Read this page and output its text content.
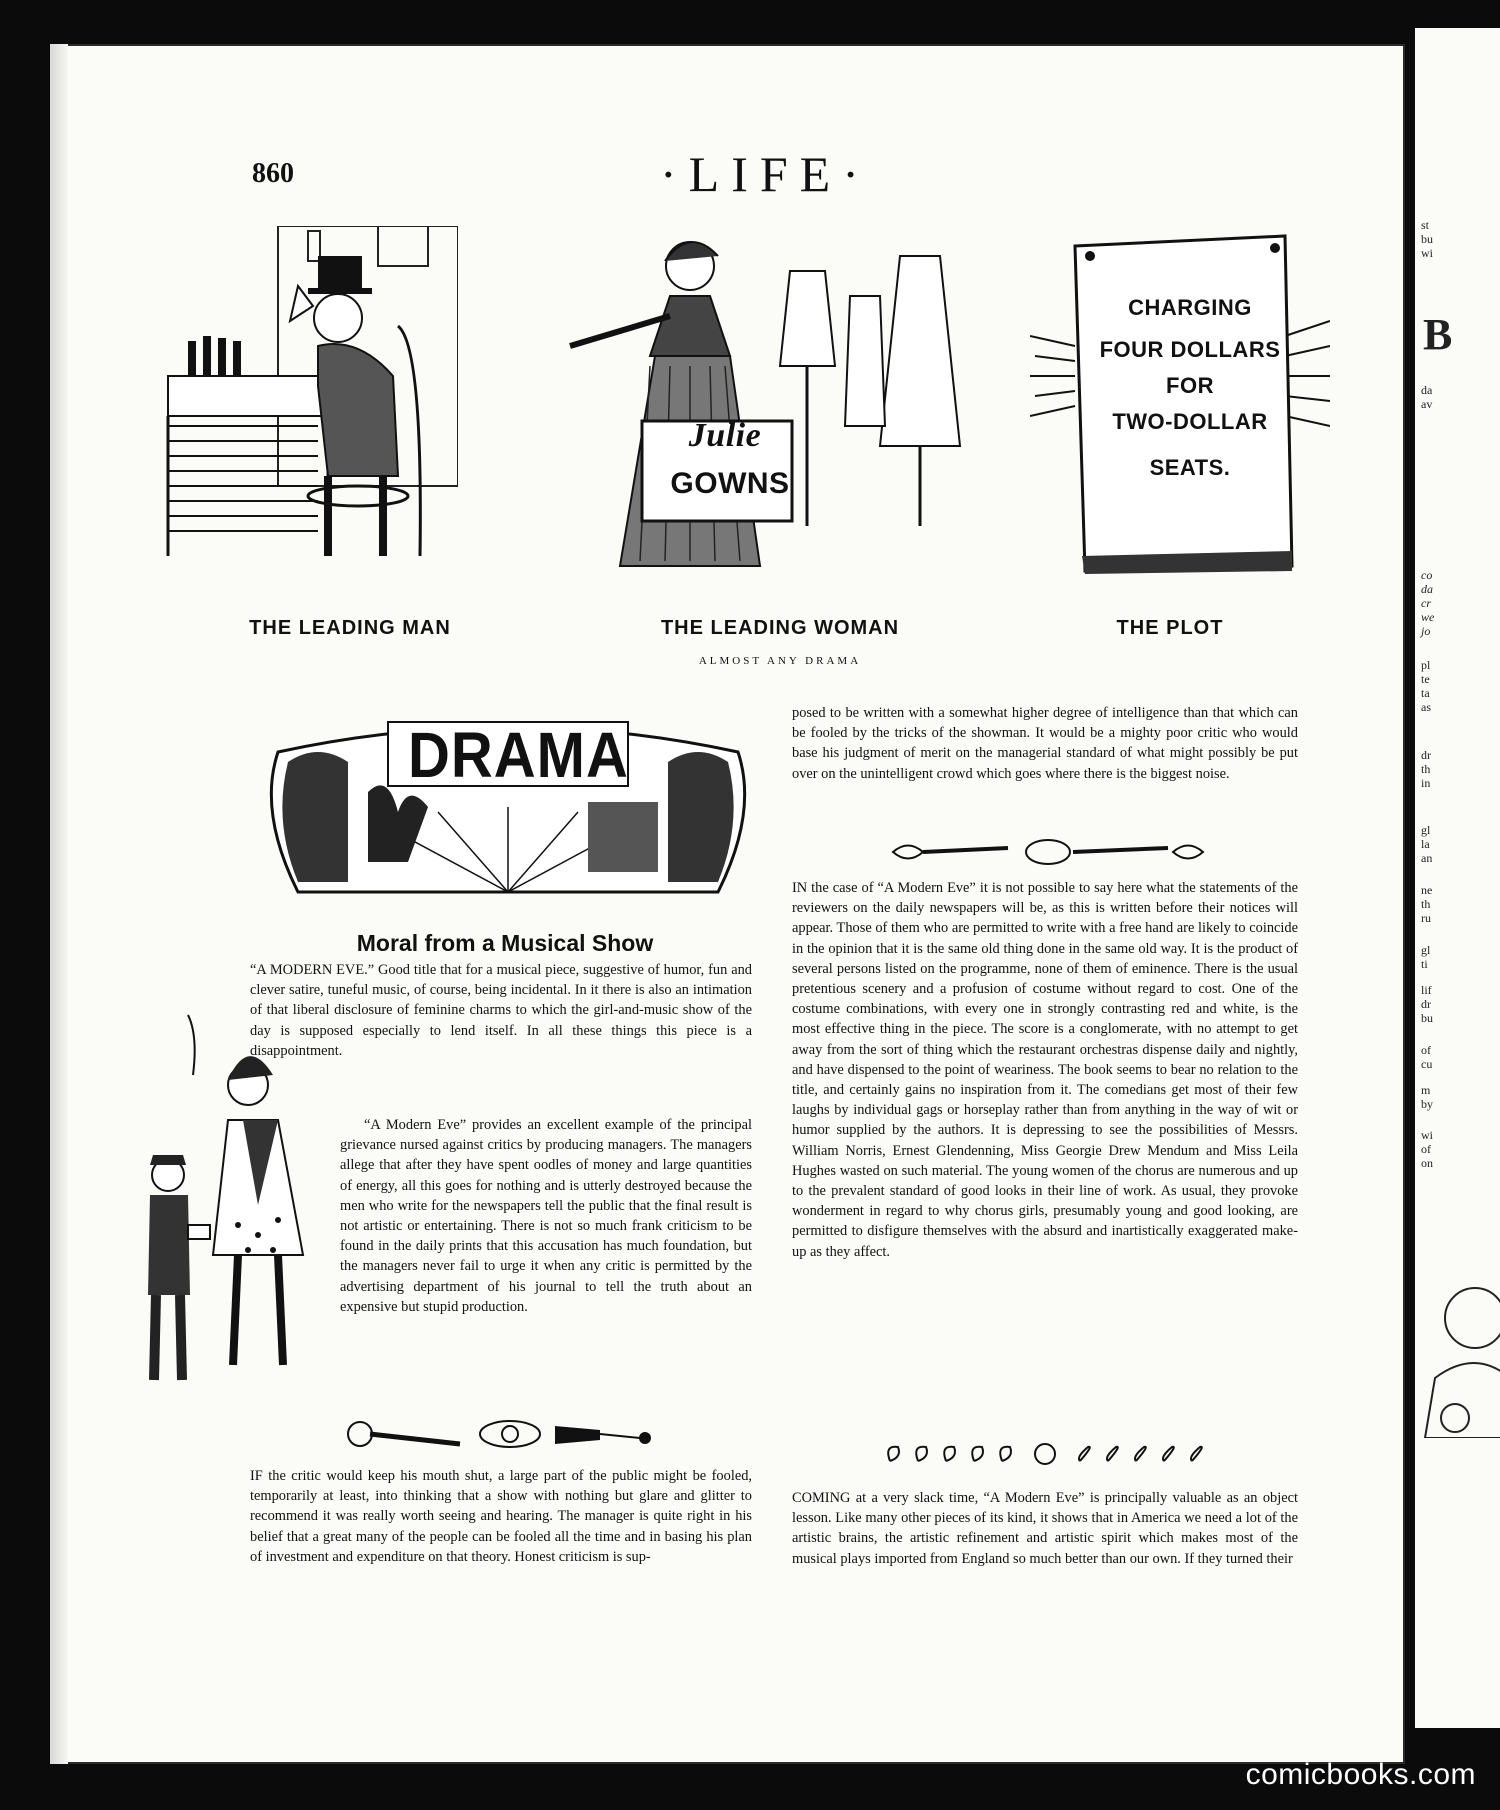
st
bu
wi
B
da
av
co
da
cr
we
jo
pl
te
ta
as
dr
th
in
gl
la
an
ne
th
ru
gl
ti
lif
dr
bu
of
cu
m
by
wi
of
on
860	·LIFE·
Julie
GOWNS
CHARGING
FOUR DOLLARS
FOR
TWO-DOLLAR
SEATS.
THE LEADING MAN	THE LEADING WOMAN	THE PLOT
ALMOST ANY DRAMA
DRAMA
Moral from a Musical Show

“A MODERN EVE.” Good title that for a musical piece, suggestive of humor, fun and clever satire, tuneful music, of course, being incidental. In it there is also an intimation of that liberal disclosure of feminine charms to which the girl-and-music show of the day is supposed especially to lend itself. In all these things this piece is a disappointment.

“A Modern Eve” provides an excellent example of the principal grievance nursed against critics by producing managers. The managers allege that after they have spent oodles of money and large quantities of energy, all this goes for nothing and is utterly destroyed because the men who write for the newspapers tell the public that the final result is not artistic or entertaining. There is not so much frank criticism to be found in the daily prints that this accusation has much foundation, but the managers never fail to urge it when any critic is permitted by the advertising department of his journal to tell the truth about an expensive but stupid production.

IF the critic would keep his mouth shut, a large part of the public might be fooled, temporarily at least, into thinking that a show with nothing but glare and glitter to recommend it was really worth seeing and hearing. The manager is quite right in his belief that a great many of the people can be fooled all the time and in basing his plan of investment and expenditure on that theory. Honest criticism is sup-

posed to be written with a somewhat higher degree of intelligence than that which can be fooled by the tricks of the showman. It would be a mighty poor critic who would base his judgment of merit on the managerial standard of what might possibly be put over on the unintelligent crowd which goes where there is the biggest noise.

IN the case of “A Modern Eve” it is not possible to say here what the statements of the reviewers on the daily newspapers will be, as this is written before their notices will appear. Those of them who are permitted to write with a free hand are likely to coincide in the opinion that it is the same old thing done in the same old way. It is the product of several persons listed on the programme, none of them of eminence. There is the usual pretentious scenery and a profusion of costume without regard to cost. One of the costume combinations, with every one in strongly contrasting red and white, is the most effective thing in the piece. The score is a conglomerate, with no attempt to get away from the sort of thing which the restaurant orchestras dispense daily and nightly, and have dispensed to the point of weariness. The book seems to bear no relation to the title, and certainly gains no inspiration from it. The comedians get most of their few laughs by individual gags or horseplay rather than from anything in the way of wit or humor supplied by the authors. It is depressing to see the possibilities of Messrs. William Norris, Ernest Glendenning, Miss Georgie Drew Mendum and Miss Leila Hughes wasted on such material. The young women of the chorus are numerous and up to the prevalent standard of good looks in their line of work. As usual, they provoke wonderment in regard to why chorus girls, presumably young and good looking, are permitted to disfigure themselves with the absurd and inartistically exaggerated make-up as they affect.

COMING at a very slack time, “A Modern Eve” is principally valuable as an object lesson. Like many other pieces of its kind, it shows that in America we need a lot of the artistic brains, the artistic refinement and artistic spirit which makes most of the musical plays imported from England so much better than our own. If they turned their

comicbooks.com
